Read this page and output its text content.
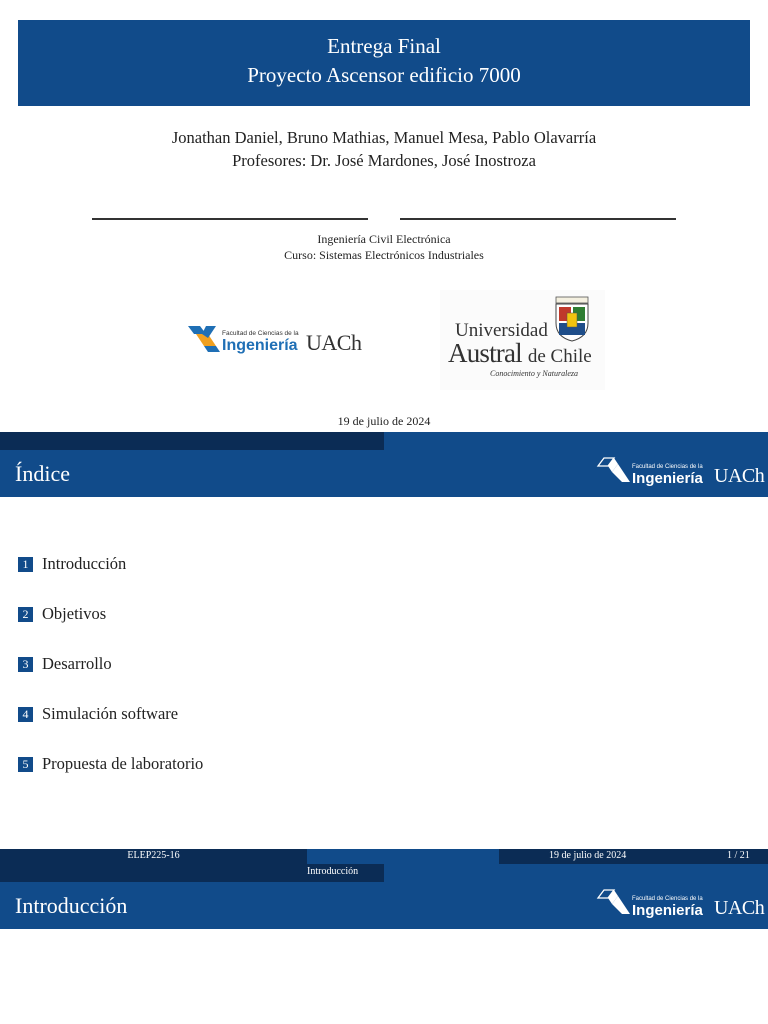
Entrega Final
Proyecto Ascensor edificio 7000
Jonathan Daniel, Bruno Mathias, Manuel Mesa, Pablo Olavarría
Profesores: Dr. José Mardones, José Inostroza
Ingeniería Civil Electrónica
Curso: Sistemas Electrónicos Industriales
Facultad de Ciencias de la
Ingeniería UACh	Universidad
Austral de Chile
Conocimiento y Naturaleza
19 de julio de 2024
Índice	Facultad de Ciencias de la
Ingeniería UACh
1 Introducción
2 Objetivos
3 Desarrollo
4 Simulación software
5 Propuesta de laboratorio
ELEP225-16	19 de julio de 2024	1 / 21
Introducción
Introducción	Facultad de Ciencias de la
Ingeniería UACh
